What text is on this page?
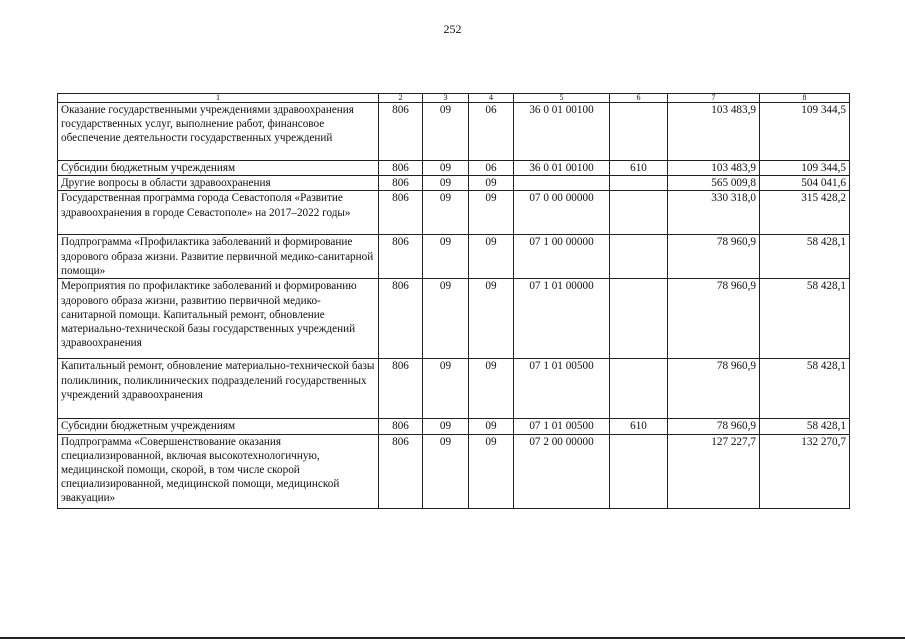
252
1	2	3	4	5	6	7	8
Оказание государственными учреждениями здравоохранения государственных услуг, выполнение работ, финансовое обеспечение деятельности государственных учреждений	806	09	06	36 0 01 00100		103 483,9	109 344,5
Субсидии бюджетным учреждениям	806	09	06	36 0 01 00100	610	103 483,9	109 344,5
Другие вопросы в области здравоохранения	806	09	09			565 009,8	504 041,6
Государственная программа города Севастополя «Развитие здравоохранения в городе Севастополе» на 2017–2022 годы»	806	09	09	07 0 00 00000		330 318,0	315 428,2
Подпрограмма «Профилактика заболеваний и формирование здорового образа жизни. Развитие первичной медико-санитарной помощи»	806	09	09	07 1 00 00000		78 960,9	58 428,1
Мероприятия по профилактике заболеваний и формированию здорового образа жизни, развитию первичной медико-санитарной помощи. Капитальный ремонт, обновление материально-технической базы государственных учреждений здравоохранения	806	09	09	07 1 01 00000		78 960,9	58 428,1
Капитальный ремонт, обновление материально-технической базы поликлиник, поликлинических подразделений государственных учреждений здравоохранения	806	09	09	07 1 01 00500		78 960,9	58 428,1
Субсидии бюджетным учреждениям	806	09	09	07 1 01 00500	610	78 960,9	58 428,1
Подпрограмма «Совершенствование оказания специализированной, включая высокотехнологичную, медицинской помощи, скорой, в том числе скорой специализированной, медицинской помощи, медицинской эвакуации»	806	09	09	07 2 00 00000		127 227,7	132 270,7
